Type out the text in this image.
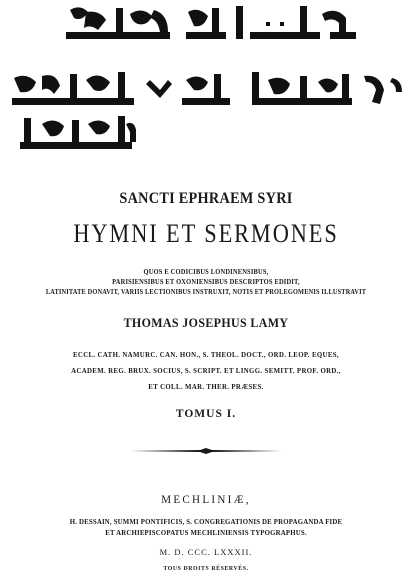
SANCTI EPHRAEM SYRI
HYMNI ET SERMONES
QUOS E CODICIBUS LONDINENSIBUS,
PARISIENSIBUS ET OXONIENSIBUS DESCRIPTOS EDIDIT,
LATINITATE DONAVIT, VARIIS LECTIONIBUS INSTRUXIT, NOTIS ET PROLEGOMENIS ILLUSTRAVIT
THOMAS JOSEPHUS LAMY
ECCL. CATH. NAMURC. CAN. HON., S. THEOL. DOCT., ORD. LEOP. EQUES,
ACADEM. REG. BRUX. SOCIUS, S. SCRIPT. ET LINGG. SEMITT. PROF. ORD.,
ET COLL. MAR. THER. PRÆSES.
TOMUS I.
MECHLINIÆ,
H. DESSAIN, SUMMI PONTIFICIS, S. CONGREGATIONIS DE PROPAGANDA FIDE
ET ARCHIEPISCOPATUS MECHLINIENSIS TYPOGRAPHUS.
M. D. CCC. LXXXII.
TOUS DROITS RÉSERVÉS.
